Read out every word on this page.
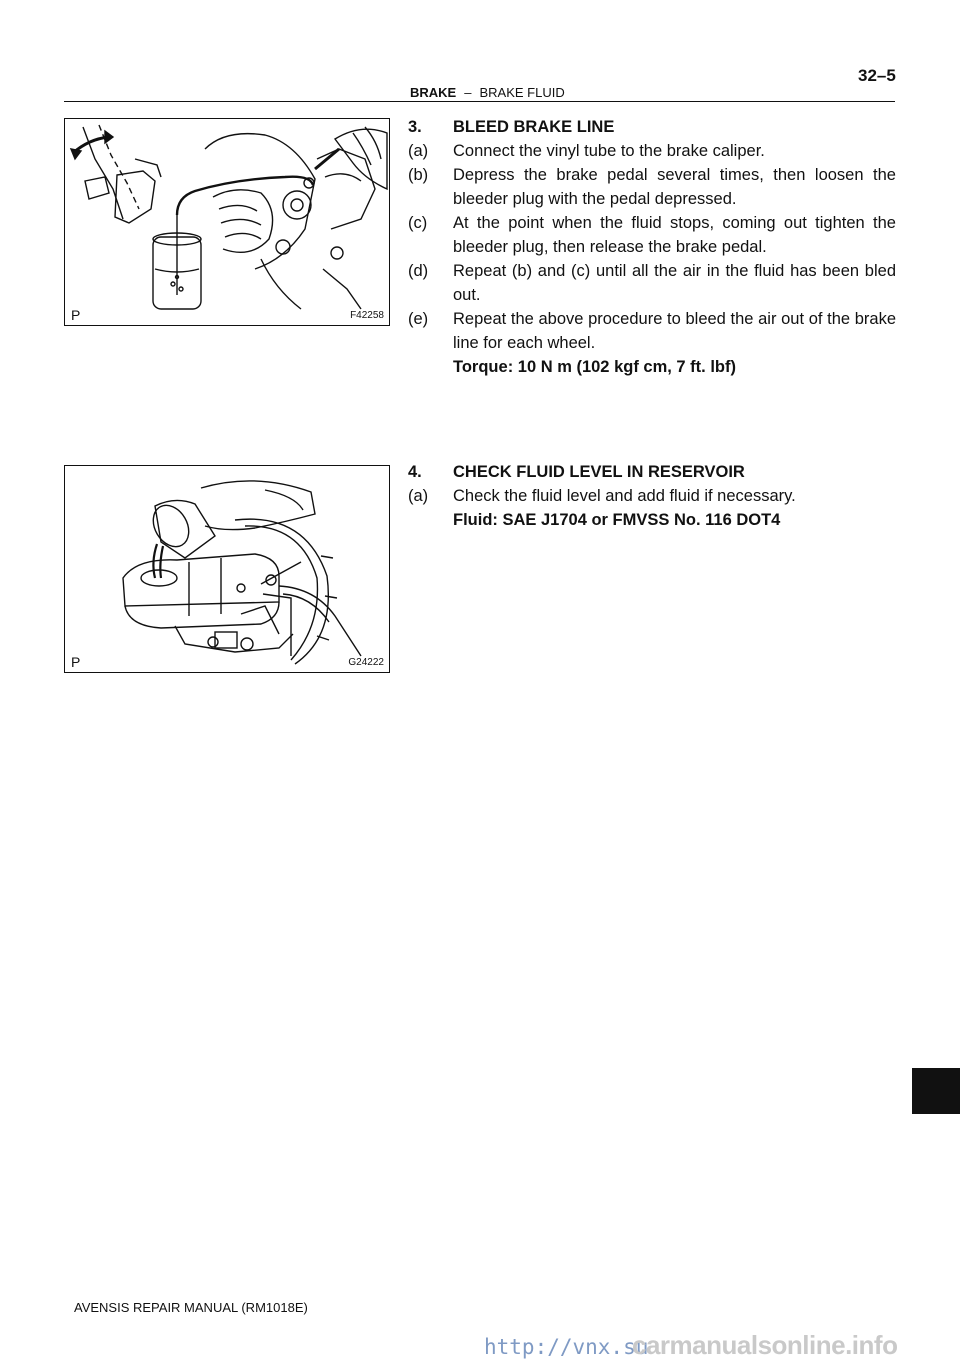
32–5
BRAKE – BRAKE FLUID
P	F42258
P	G24222
3.	BLEED BRAKE LINE
(a)	Connect the vinyl tube to the brake caliper.
(b)	Depress the brake pedal several times, then loosen the bleeder plug with the pedal depressed.
(c)	At the point when the fluid stops, coming out tighten the bleeder plug, then release the brake pedal.
(d)	Repeat (b) and (c) until all the air in the fluid has been bled out.
(e)	Repeat the above procedure to bleed the air out of the brake line for each wheel.
Torque: 10 N m (102 kgf cm, 7 ft. lbf)
4.	CHECK FLUID LEVEL IN RESERVOIR
(a)	Check the fluid level and add fluid if necessary.
Fluid: SAE J1704 or FMVSS No. 116 DOT4
AVENSIS REPAIR MANUAL (RM1018E)
http://vnx.su
carmanualsonline.info
